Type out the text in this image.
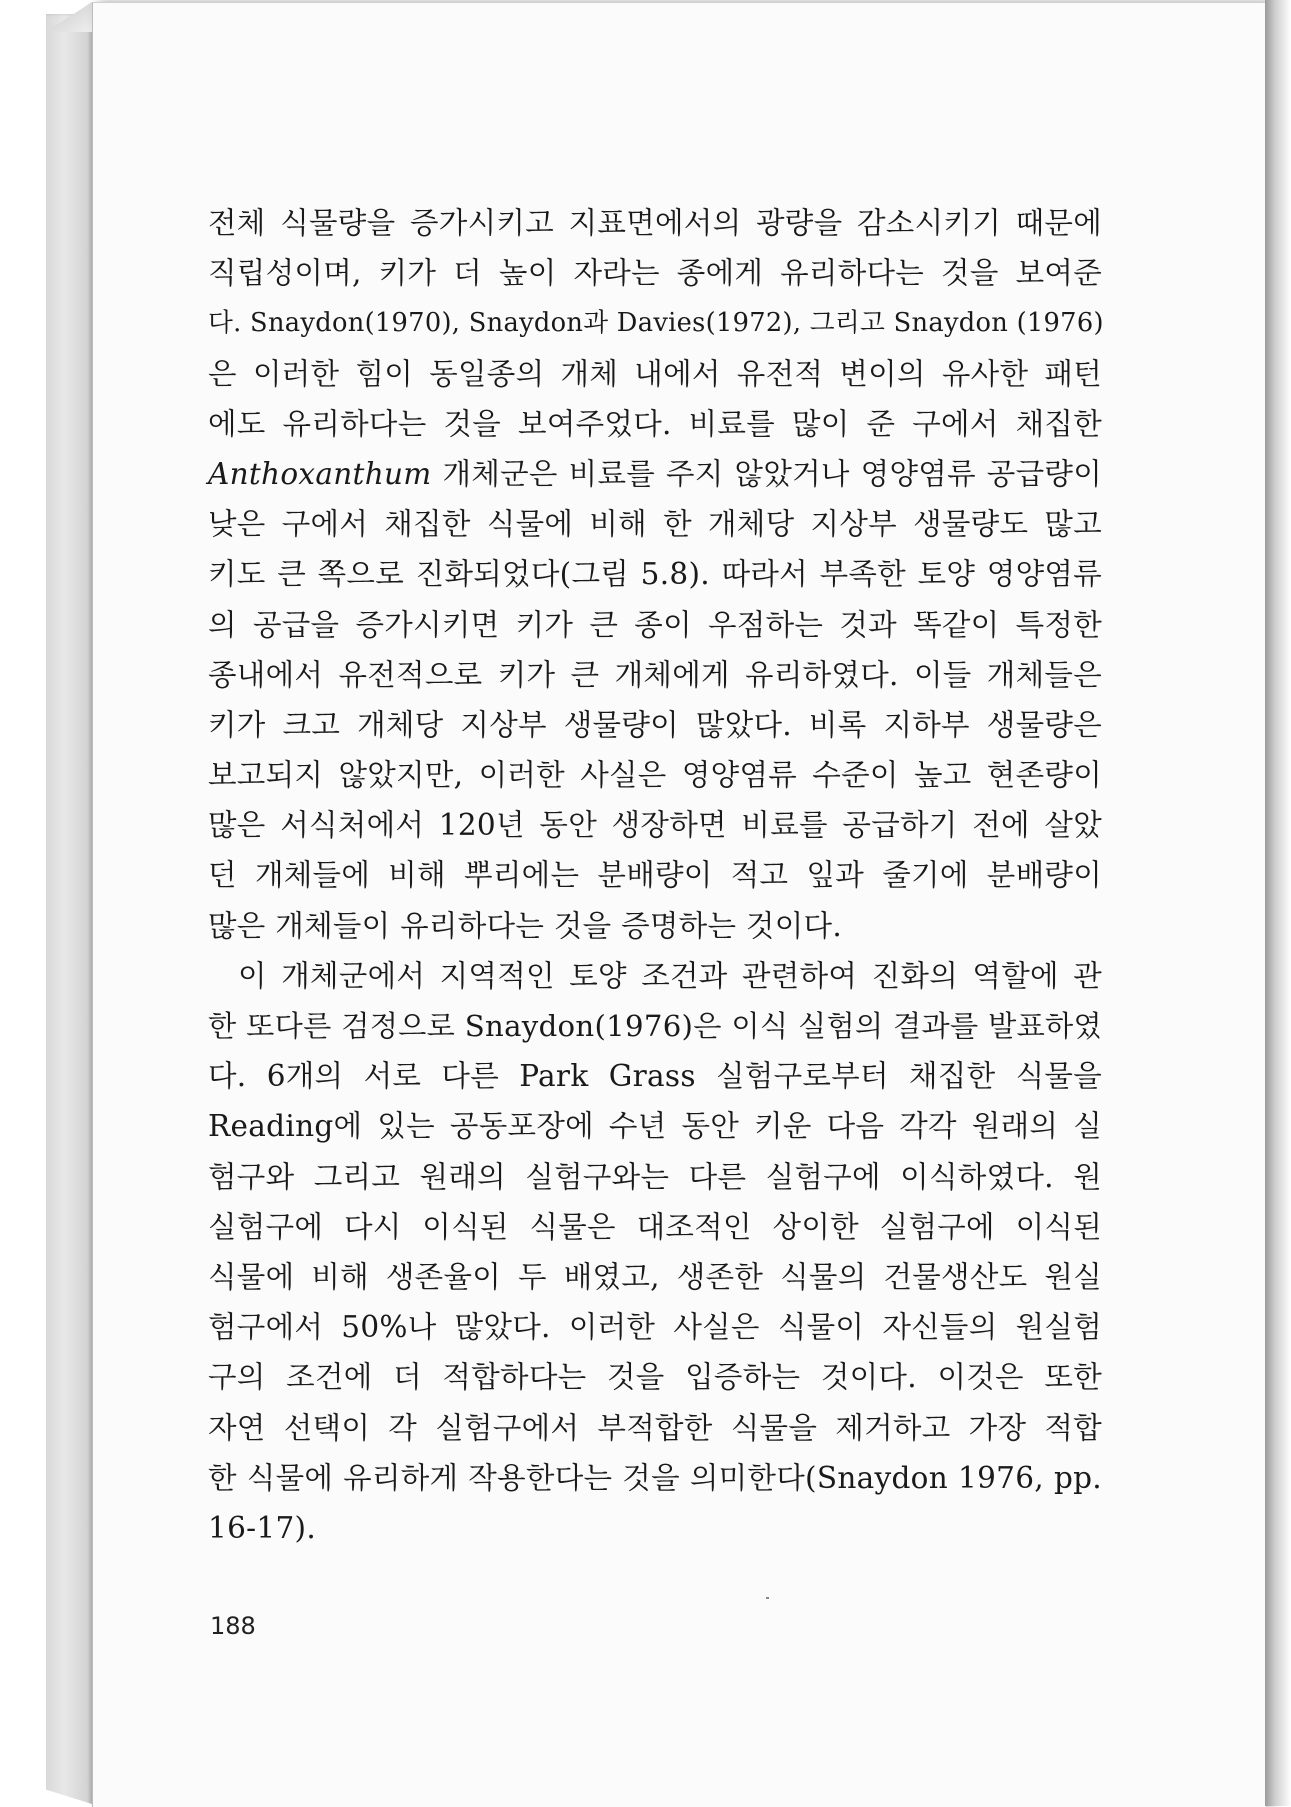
전체 식물량을 증가시키고 지표면에서의 광량을 감소시키기 때문에
직립성이며, 키가 더 높이 자라는 종에게 유리하다는 것을 보여준
다. Snaydon(1970), Snaydon과 Davies(1972), 그리고 Snaydon (1976)
은 이러한 힘이 동일종의 개체 내에서 유전적 변이의 유사한 패턴
에도 유리하다는 것을 보여주었다. 비료를 많이 준 구에서 채집한
Anthoxanthum 개체군은 비료를 주지 않았거나 영양염류 공급량이
낮은 구에서 채집한 식물에 비해 한 개체당 지상부 생물량도 많고
키도 큰 쪽으로 진화되었다(그림 5.8). 따라서 부족한 토양 영양염류
의 공급을 증가시키면 키가 큰 종이 우점하는 것과 똑같이 특정한
종내에서 유전적으로 키가 큰 개체에게 유리하였다. 이들 개체들은
키가 크고 개체당 지상부 생물량이 많았다. 비록 지하부 생물량은
보고되지 않았지만, 이러한 사실은 영양염류 수준이 높고 현존량이
많은 서식처에서 120년 동안 생장하면 비료를 공급하기 전에 살았
던 개체들에 비해 뿌리에는 분배량이 적고 잎과 줄기에 분배량이
많은 개체들이 유리하다는 것을 증명하는 것이다.
이 개체군에서 지역적인 토양 조건과 관련하여 진화의 역할에 관
한 또다른 검정으로 Snaydon(1976)은 이식 실험의 결과를 발표하였
다. 6개의 서로 다른 Park Grass 실험구로부터 채집한 식물을
Reading에 있는 공동포장에 수년 동안 키운 다음 각각 원래의 실
험구와 그리고 원래의 실험구와는 다른 실험구에 이식하였다. 원
실험구에 다시 이식된 식물은 대조적인 상이한 실험구에 이식된
식물에 비해 생존율이 두 배였고, 생존한 식물의 건물생산도 원실
험구에서 50%나 많았다. 이러한 사실은 식물이 자신들의 원실험
구의 조건에 더 적합하다는 것을 입증하는 것이다. 이것은 또한
자연 선택이 각 실험구에서 부적합한 식물을 제거하고 가장 적합
한 식물에 유리하게 작용한다는 것을 의미한다(Snaydon 1976, pp.
16-17).
188
